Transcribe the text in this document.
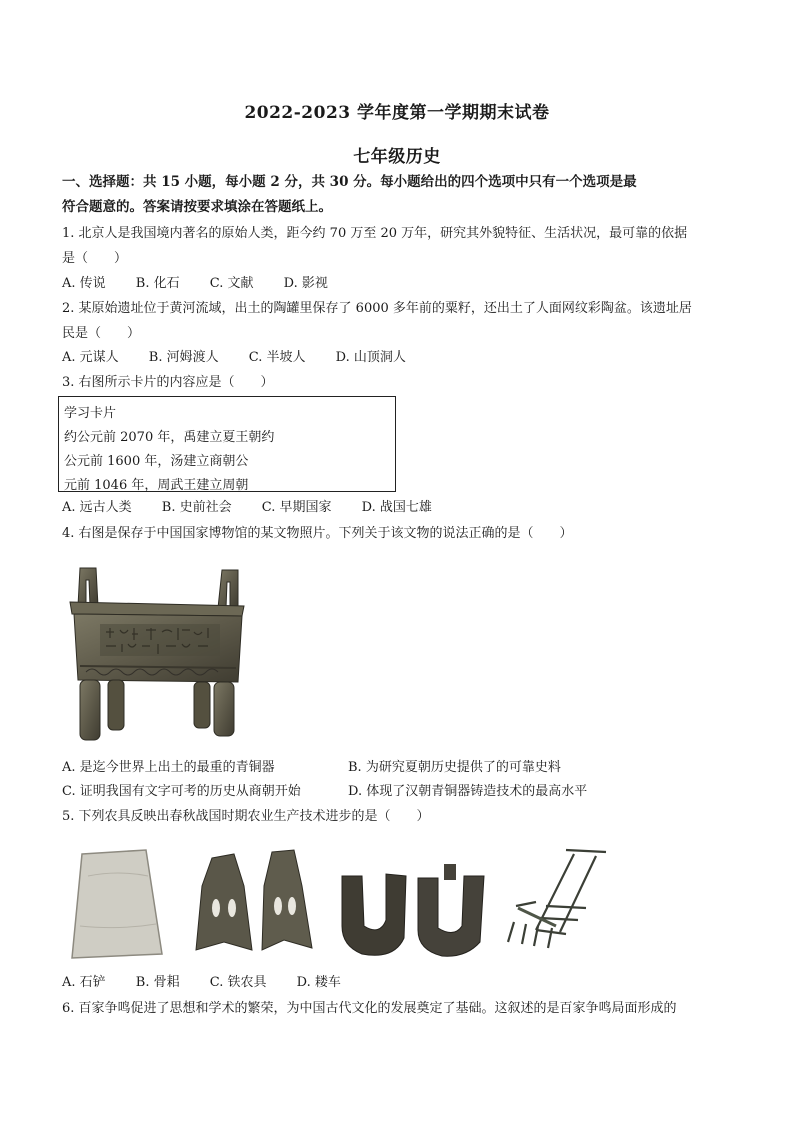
2022-2023 学年度第一学期期末试卷
七年级历史
一、选择题：共 15 小题，每小题 2 分，共 30 分。每小题给出的四个选项中只有一个选项是最
符合题意的。答案请按要求填涂在答题纸上。
1. 北京人是我国境内著名的原始人类，距今约 70 万至 20 万年，研究其外貌特征、生活状况，最可靠的依据
是（　　）
A. 传说 B. 化石 C. 文献 D. 影视
2. 某原始遗址位于黄河流域，出土的陶罐里保存了 6000 多年前的粟籽，还出土了人面网纹彩陶盆。该遗址居
民是（　　）
A. 元谋人 B. 河姆渡人 C. 半坡人 D. 山顶洞人
3. 右图所示卡片的内容应是（　　）
学习卡片
约公元前 2070 年，禹建立夏王朝约
公元前 1600 年，汤建立商朝公
元前 1046 年，周武王建立周朝
A. 远古人类 B. 史前社会 C. 早期国家 D. 战国七雄
4. 右图是保存于中国国家博物馆的某文物照片。下列关于该文物的说法正确的是（　　）
A. 是迄今世界上出土的最重的青铜器	B. 为研究夏朝历史提供了的可靠史料
C. 证明我国有文字可考的历史从商朝开始	D. 体现了汉朝青铜器铸造技术的最高水平
5. 下列农具反映出春秋战国时期农业生产技术进步的是（　　）
A. 石铲 B. 骨耜 C. 铁农具 D. 耧车
6. 百家争鸣促进了思想和学术的繁荣，为中国古代文化的发展奠定了基础。这叙述的是百家争鸣局面形成的
